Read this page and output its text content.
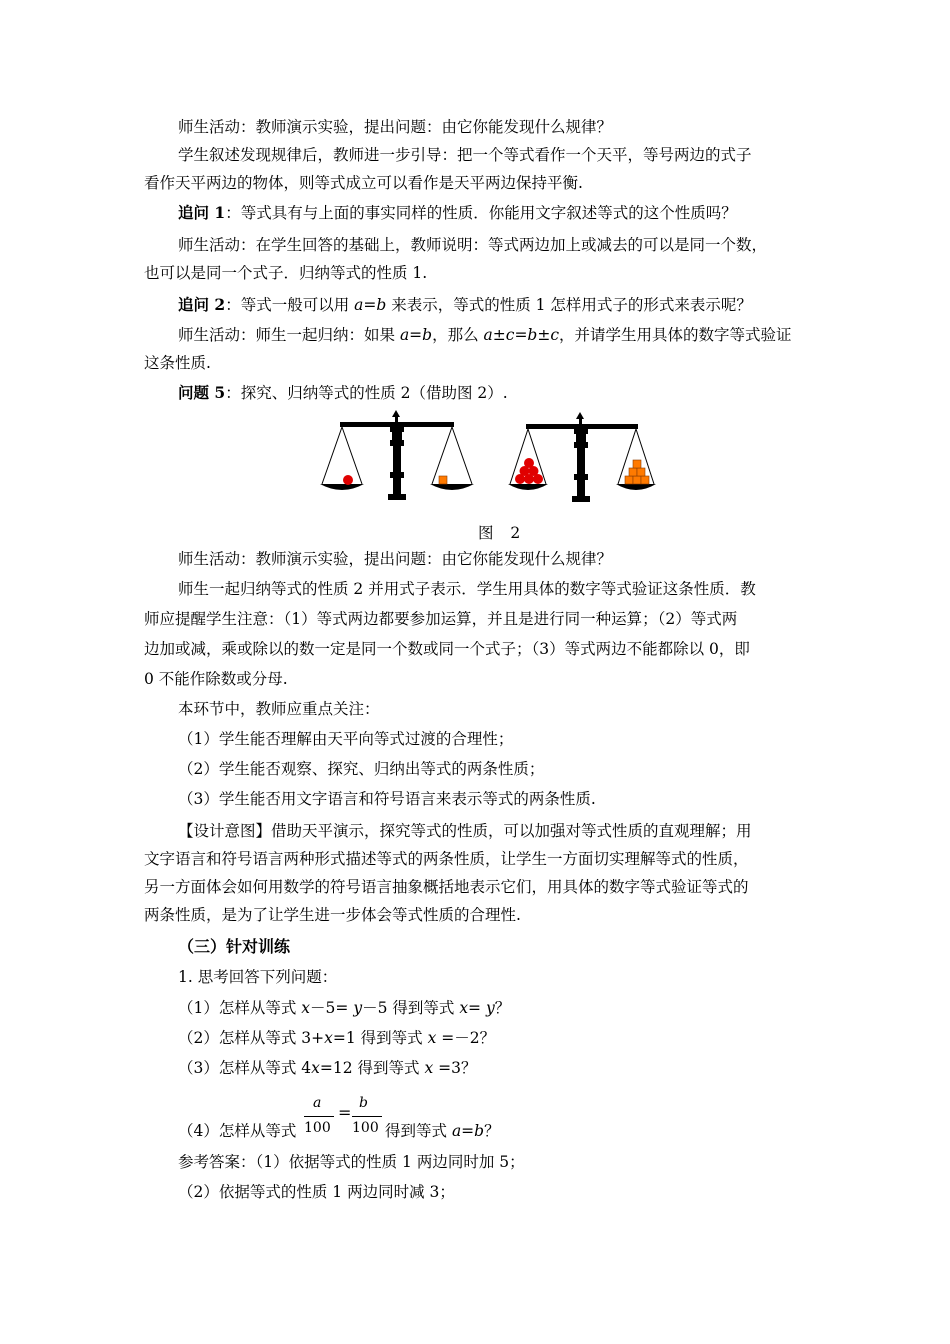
师生活动：教师演示实验，提出问题：由它你能发现什么规律？
学生叙述发现规律后，教师进一步引导：把一个等式看作一个天平，等号两边的式子
看作天平两边的物体，则等式成立可以看作是天平两边保持平衡.
追问 1：等式具有与上面的事实同样的性质．你能用文字叙述等式的这个性质吗？
师生活动：在学生回答的基础上，教师说明：等式两边加上或减去的可以是同一个数，
也可以是同一个式子．归纳等式的性质 1.
追问 2：等式一般可以用 a=b 来表示，等式的性质 1 怎样用式子的形式来表示呢？
师生活动：师生一起归纳：如果 a=b，那么 a±c=b±c，并请学生用具体的数字等式验证
这条性质.
问题 5：探究、归纳等式的性质 2（借助图 2）.
图 2
师生活动：教师演示实验，提出问题：由它你能发现什么规律？
师生一起归纳等式的性质 2 并用式子表示．学生用具体的数字等式验证这条性质．教
师应提醒学生注意：（1）等式两边都要参加运算，并且是进行同一种运算；（2）等式两
边加或减，乘或除以的数一定是同一个数或同一个式子；（3）等式两边不能都除以 0，即
0 不能作除数或分母.
本环节中，教师应重点关注：
（1）学生能否理解由天平向等式过渡的合理性；
（2）学生能否观察、探究、归纳出等式的两条性质；
（3）学生能否用文字语言和符号语言来表示等式的两条性质.
【设计意图】借助天平演示，探究等式的性质，可以加强对等式性质的直观理解；用
文字语言和符号语言两种形式描述等式的两条性质，让学生一方面切实理解等式的性质，
另一方面体会如何用数学的符号语言抽象概括地表示它们，用具体的数字等式验证等式的
两条性质，是为了让学生进一步体会等式性质的合理性.
（三）针对训练
1. 思考回答下列问题：
（1）怎样从等式 x－5= y－5 得到等式 x= y？
（2）怎样从等式 3+x=1 得到等式 x =－2？
（3）怎样从等式 4x=12 得到等式 x =3？
（4）怎样从等式
a
100
= b
100 得到等式 a=b？
参考答案：（1）依据等式的性质 1 两边同时加 5；
（2）依据等式的性质 1 两边同时减 3；
